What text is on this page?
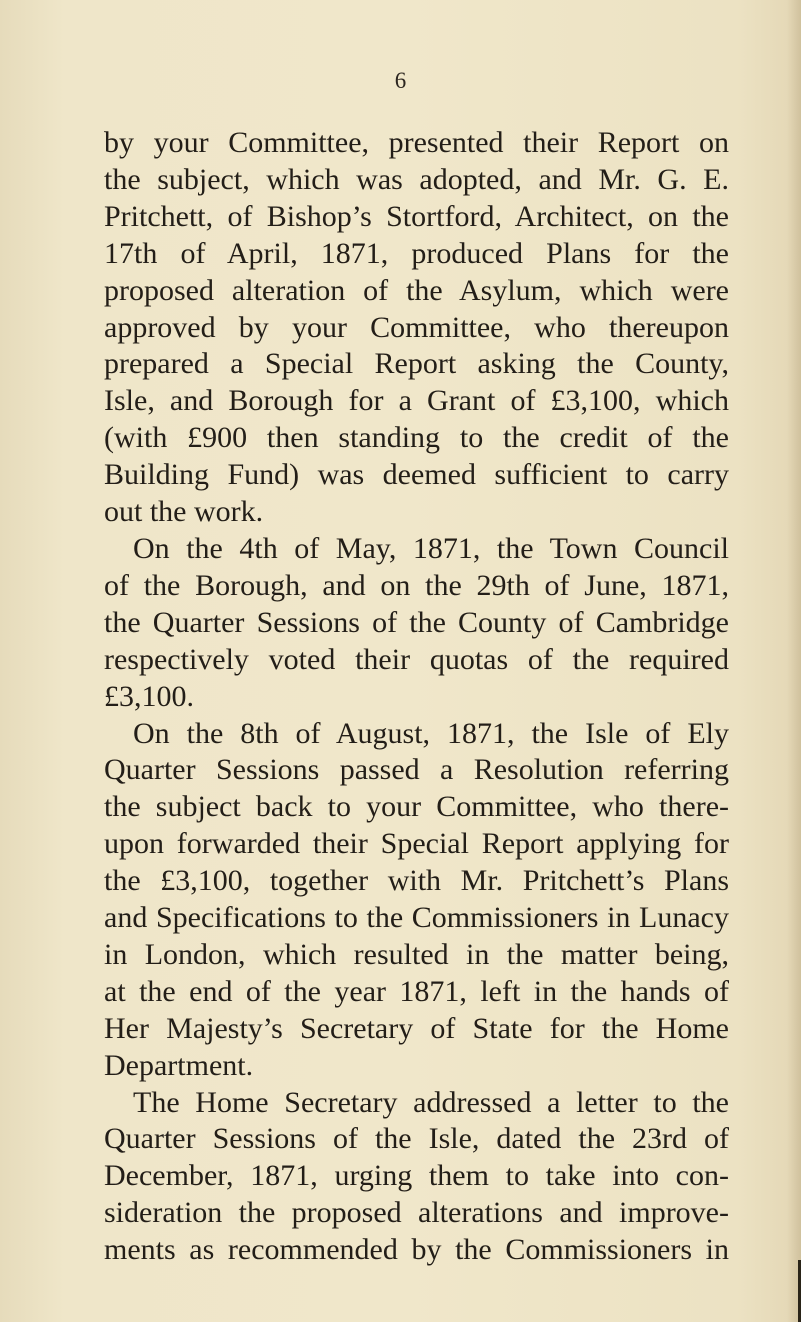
6
by your Committee, presented their Report on
the subject, which was adopted, and Mr. G. E.
Pritchett, of Bishop’s Stortford, Architect, on the
17th of April, 1871, produced Plans for the
proposed alteration of the Asylum, which were
approved by your Committee, who thereupon
prepared a Special Report asking the County,
Isle, and Borough for a Grant of £3,100, which
(with £900 then standing to the credit of the
Building Fund) was deemed sufficient to carry
out the work.
On the 4th of May, 1871, the Town Council
of the Borough, and on the 29th of June, 1871,
the Quarter Sessions of the County of Cambridge
respectively voted their quotas of the required
£3,100.
On the 8th of August, 1871, the Isle of Ely
Quarter Sessions passed a Resolution referring
the subject back to your Committee, who there-
upon forwarded their Special Report applying for
the £3,100, together with Mr. Pritchett’s Plans
and Specifications to the Commissioners in Lunacy
in London, which resulted in the matter being,
at the end of the year 1871, left in the hands of
Her Majesty’s Secretary of State for the Home
Department.
The Home Secretary addressed a letter to the
Quarter Sessions of the Isle, dated the 23rd of
December, 1871, urging them to take into con-
sideration the proposed alterations and improve-
ments as recommended by the Commissioners in
